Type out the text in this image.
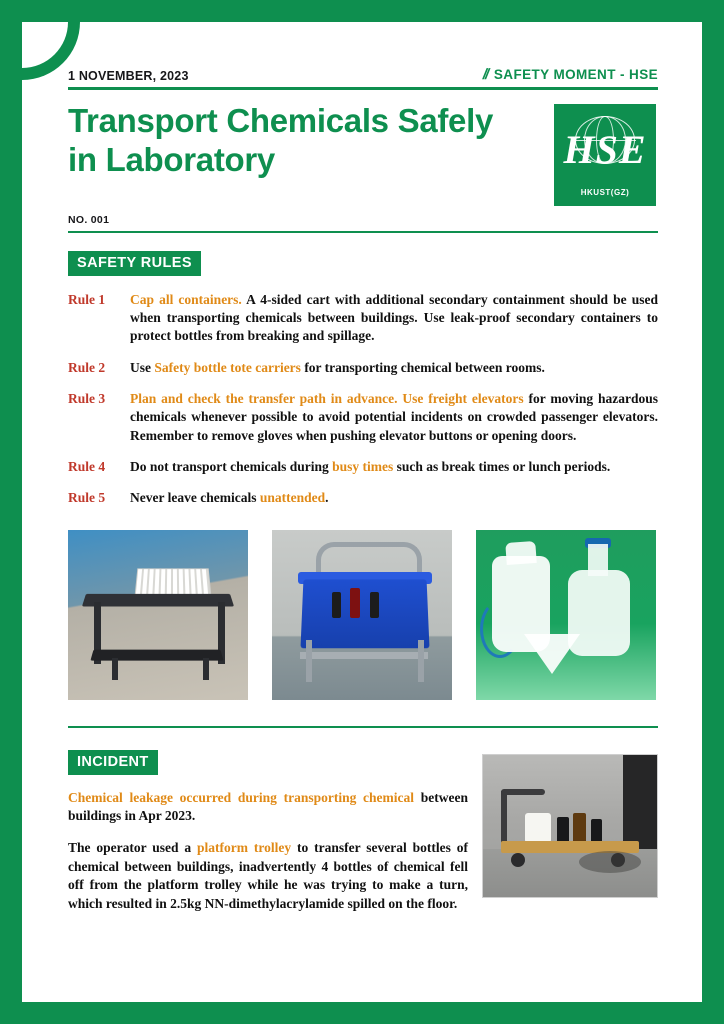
1 NOVEMBER, 2023	// SAFETY MOMENT - HSE
Transport Chemicals Safely in Laboratory	HSE
HKUST(GZ)
NO. 001
SAFETY RULES
Rule 1	Cap all containers. A 4-sided cart with additional secondary containment should be used when transporting chemicals between buildings. Use leak-proof secondary containers to protect bottles from breaking and spillage.
Rule 2	Use Safety bottle tote carriers for transporting chemical between rooms.
Rule 3	Plan and check the transfer path in advance. Use freight elevators for moving hazardous chemicals whenever possible to avoid potential incidents on crowded passenger elevators. Remember to remove gloves when pushing elevator buttons or opening doors.
Rule 4	Do not transport chemicals during busy times such as break times or lunch periods.
Rule 5	Never leave chemicals unattended.
INCIDENT
Chemical leakage occurred during transporting chemical between buildings in Apr 2023.
The operator used a platform trolley to transfer several bottles of chemical between buildings, inadvertently 4 bottles of chemical fell off from the platform trolley while he was trying to make a turn, which resulted in 2.5kg NN-dimethylacrylamide spilled on the floor.
